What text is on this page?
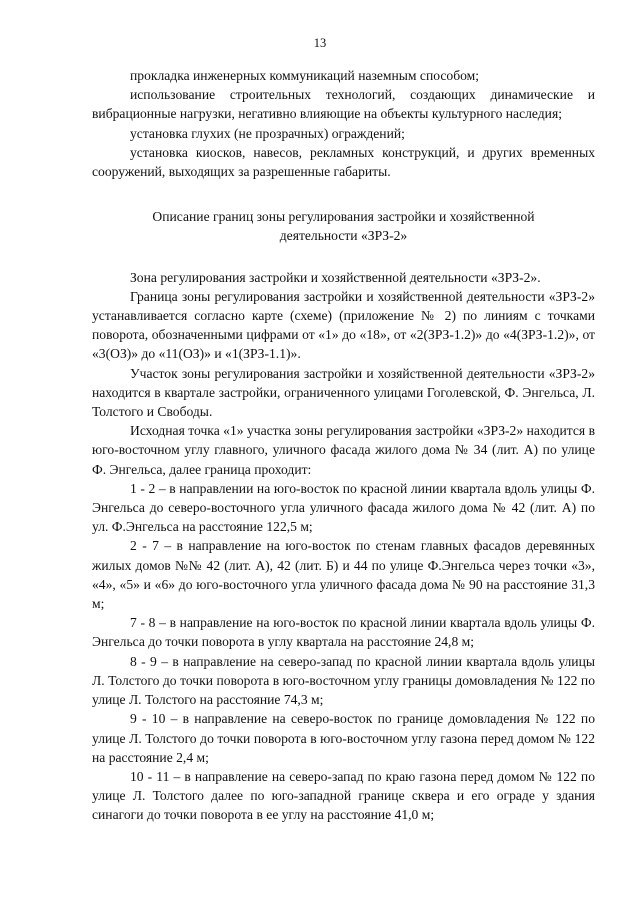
13

прокладка инженерных коммуникаций наземным способом;

использование строительных технологий, создающих динамические и вибрационные нагрузки, негативно влияющие на объекты культурного наследия;

установка глухих (не прозрачных) ограждений;

установка киосков, навесов, рекламных конструкций, и других временных сооружений, выходящих за разрешенные габариты.

Описание границ зоны регулирования застройки и хозяйственной
деятельности «ЗРЗ-2»

Зона регулирования застройки и хозяйственной деятельности «ЗРЗ-2».

Граница зоны регулирования застройки и хозяйственной деятельности «ЗРЗ-2» устанавливается согласно карте (схеме) (приложение № 2) по линиям с точками поворота, обозначенными цифрами от «1» до «18», от «2(ЗРЗ-1.2)» до «4(ЗРЗ-1.2)», от «3(ОЗ)» до «11(ОЗ)» и «1(ЗРЗ-1.1)».

Участок зоны регулирования застройки и хозяйственной деятельности «ЗРЗ-2» находится в квартале застройки, ограниченного улицами Гоголевской, Ф. Энгельса, Л. Толстого и Свободы.

Исходная точка «1» участка зоны регулирования застройки «ЗРЗ-2» находится в юго-восточном углу главного, уличного фасада жилого дома № 34 (лит. А) по улице Ф. Энгельса, далее граница проходит:

1 - 2 – в направлении на юго-восток по красной линии квартала вдоль улицы Ф. Энгельса до северо-восточного угла уличного фасада жилого дома № 42 (лит. А) по ул. Ф.Энгельса на расстояние 122,5 м;

2 - 7 – в направление на юго-восток по стенам главных фасадов деревянных жилых домов №№ 42 (лит. А), 42 (лит. Б) и 44 по улице Ф.Энгельса через точки «3», «4», «5» и «6» до юго-восточного угла уличного фасада дома № 90 на расстояние 31,3 м;

7 - 8 – в направление на юго-восток по красной линии квартала вдоль улицы Ф. Энгельса до точки поворота в углу квартала на расстояние 24,8 м;

8 - 9 – в направление на северо-запад по красной линии квартала вдоль улицы Л. Толстого до точки поворота в юго-восточном углу границы домовладения № 122 по улице Л. Толстого на расстояние 74,3 м;

9 - 10 – в направление на северо-восток по границе домовладения № 122 по улице Л. Толстого до точки поворота в юго-восточном углу газона перед домом № 122 на расстояние 2,4 м;

10 - 11 – в направление на северо-запад по краю газона перед домом № 122 по улице Л. Толстого далее по юго-западной границе сквера и его ограде у здания синагоги до точки поворота в ее углу на расстояние 41,0 м;
